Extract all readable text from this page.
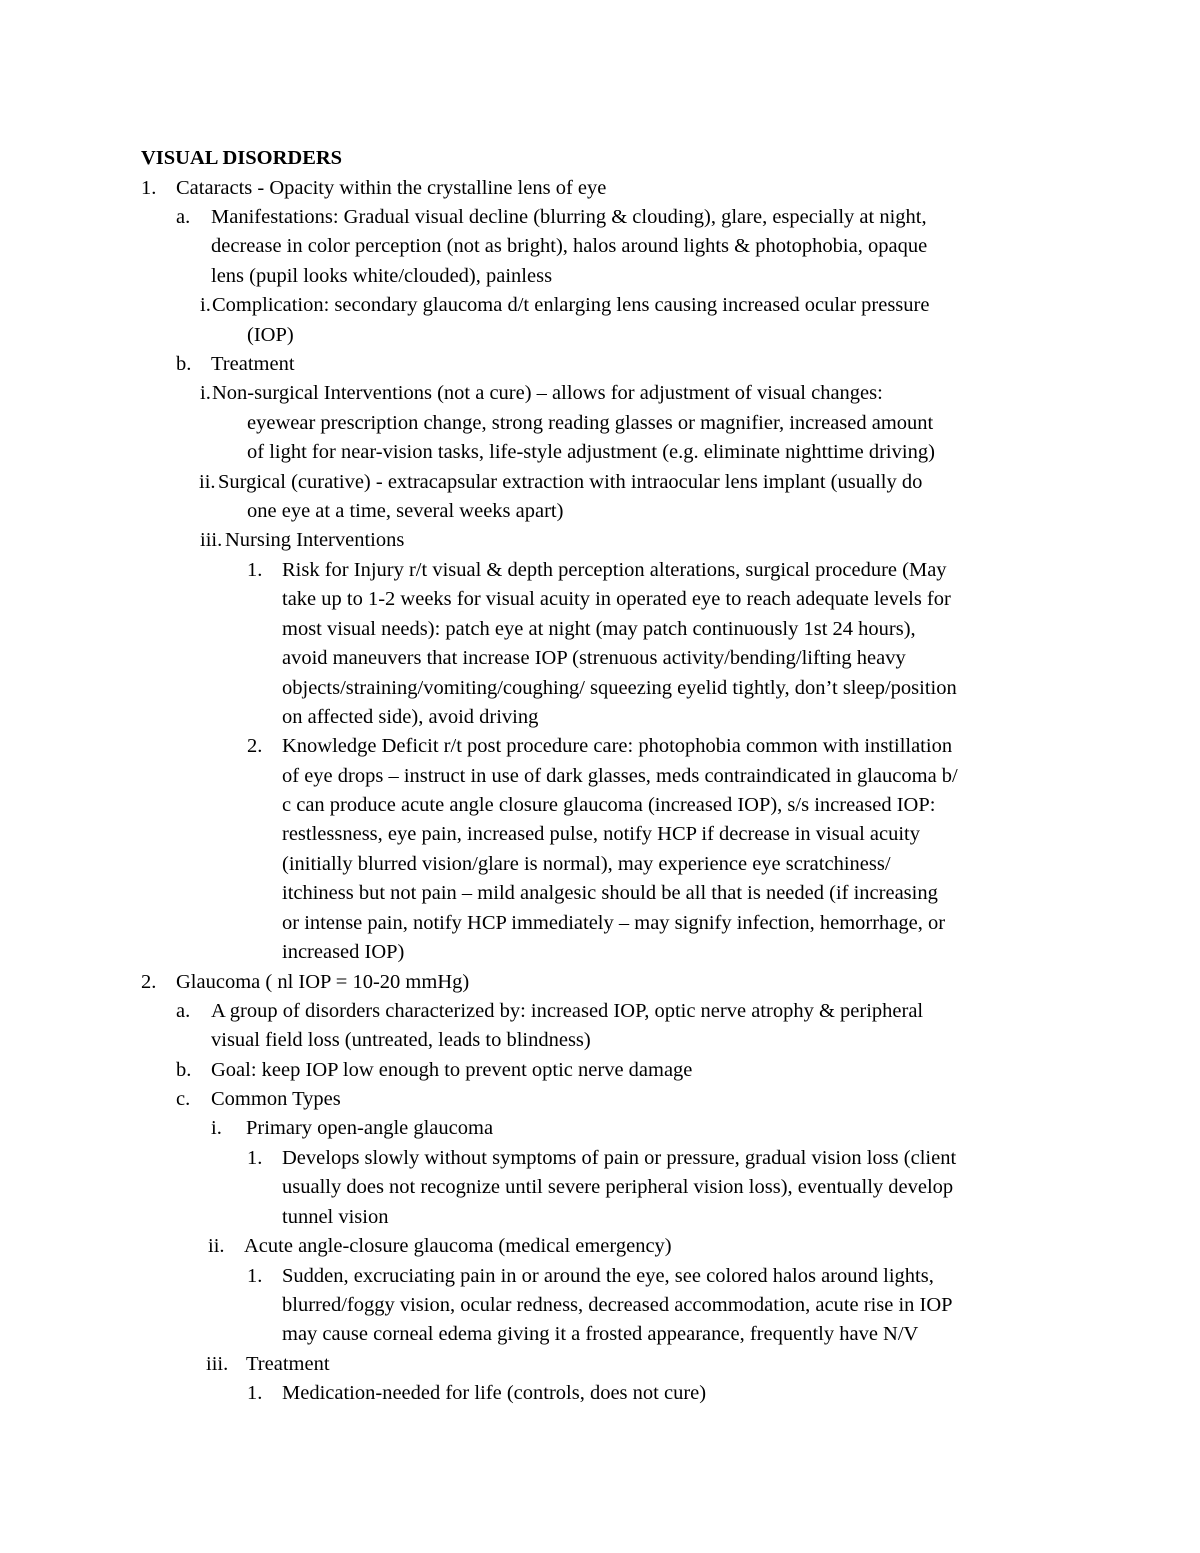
VISUAL DISORDERS
1. Cataracts - Opacity within the crystalline lens of eye
a. Manifestations: Gradual visual decline (blurring & clouding), glare, especially at night,
decrease in color perception (not as bright), halos around lights & photophobia, opaque
lens (pupil looks white/clouded), painless
i. Complication: secondary glaucoma d/t enlarging lens causing increased ocular pressure
(IOP)
b. Treatment
i. Non-surgical Interventions (not a cure) – allows for adjustment of visual changes:
eyewear prescription change, strong reading glasses or magnifier, increased amount
of light for near-vision tasks, life-style adjustment (e.g. eliminate nighttime driving)
ii. Surgical (curative) - extracapsular extraction with intraocular lens implant (usually do
one eye at a time, several weeks apart)
iii. Nursing Interventions
1. Risk for Injury r/t visual & depth perception alterations, surgical procedure (May
take up to 1-2 weeks for visual acuity in operated eye to reach adequate levels for
most visual needs): patch eye at night (may patch continuously 1st 24 hours),
avoid maneuvers that increase IOP (strenuous activity/bending/lifting heavy
objects/straining/vomiting/coughing/ squeezing eyelid tightly, don’t sleep/position
on affected side), avoid driving
2. Knowledge Deficit r/t post procedure care: photophobia common with instillation
of eye drops – instruct in use of dark glasses, meds contraindicated in glaucoma b/
c can produce acute angle closure glaucoma (increased IOP), s/s increased IOP:
restlessness, eye pain, increased pulse, notify HCP if decrease in visual acuity
(initially blurred vision/glare is normal), may experience eye scratchiness/
itchiness but not pain – mild analgesic should be all that is needed (if increasing
or intense pain, notify HCP immediately – may signify infection, hemorrhage, or
increased IOP)
2. Glaucoma ( nl IOP = 10-20 mmHg)
a. A group of disorders characterized by: increased IOP, optic nerve atrophy & peripheral
visual field loss (untreated, leads to blindness)
b. Goal: keep IOP low enough to prevent optic nerve damage
c. Common Types
i. Primary open-angle glaucoma
1. Develops slowly without symptoms of pain or pressure, gradual vision loss (client
usually does not recognize until severe peripheral vision loss), eventually develop
tunnel vision
ii. Acute angle-closure glaucoma (medical emergency)
1. Sudden, excruciating pain in or around the eye, see colored halos around lights,
blurred/foggy vision, ocular redness, decreased accommodation, acute rise in IOP
may cause corneal edema giving it a frosted appearance, frequently have N/V
iii. Treatment
1. Medication-needed for life (controls, does not cure)
